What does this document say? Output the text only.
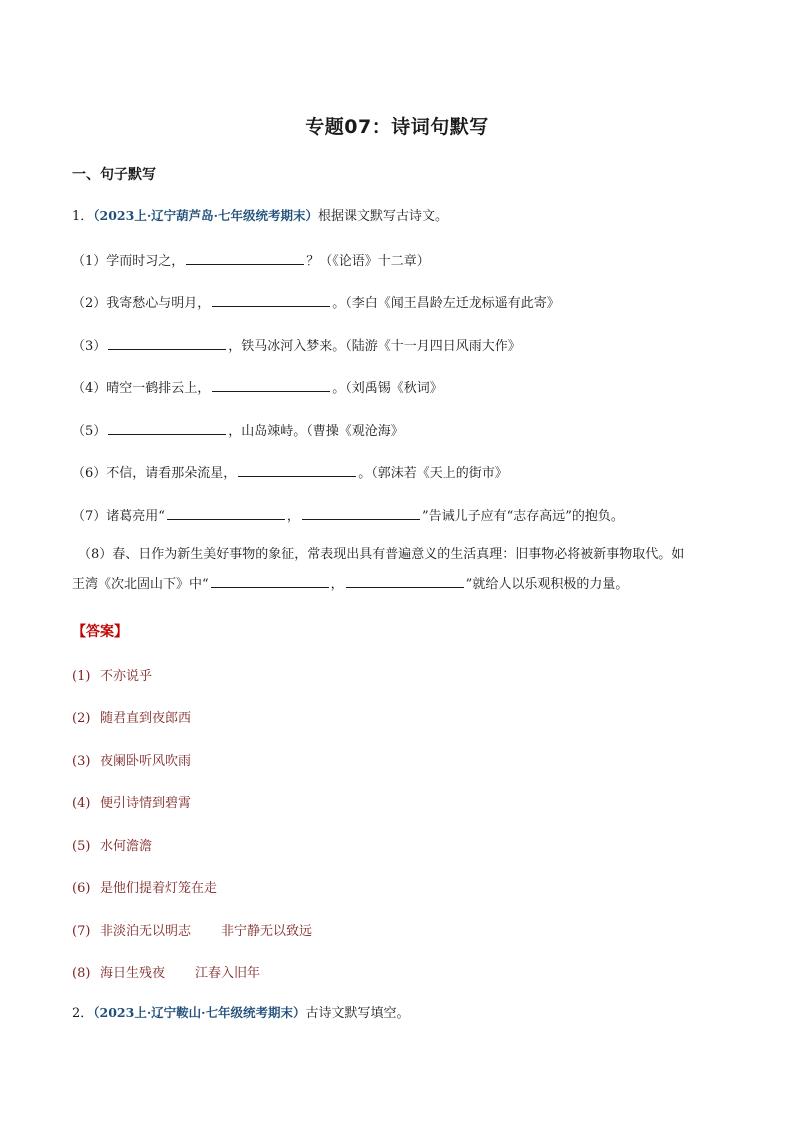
专题07：诗词句默写
一、句子默写
1．（2023上·辽宁葫芦岛·七年级统考期末）根据课文默写古诗文。
（1）学而时习之，	？（《论语》十二章）
（2）我寄愁心与明月，	。（李白《闻王昌龄左迁龙标遥有此寄》
（3）	，铁马冰河入梦来。（陆游《十一月四日风雨大作》
（4）晴空一鹤排云上，	。（刘禹锡《秋词》
（5）	，山岛竦峙。（曹操《观沧海》
（6）不信，请看那朵流星，	。（郭沫若《天上的街市》
（7）诸葛亮用“	，	”告诫儿子应有“志存高远”的抱负。
（8）春、日作为新生美好事物的象征，常表现出具有普遍意义的生活真理：旧事物必将被新事物取代。如
王湾《次北固山下》中“	，	”就给人以乐观积极的力量。
【答案】
(1) 不亦说乎
(2) 随君直到夜郎西
(3) 夜阑卧听风吹雨
(4) 便引诗情到碧霄
(5) 水何澹澹
(6) 是他们提着灯笼在走
(7) 非淡泊无以明志 非宁静无以致远
(8) 海日生残夜 江春入旧年
2．（2023上·辽宁鞍山·七年级统考期末）古诗文默写填空。
